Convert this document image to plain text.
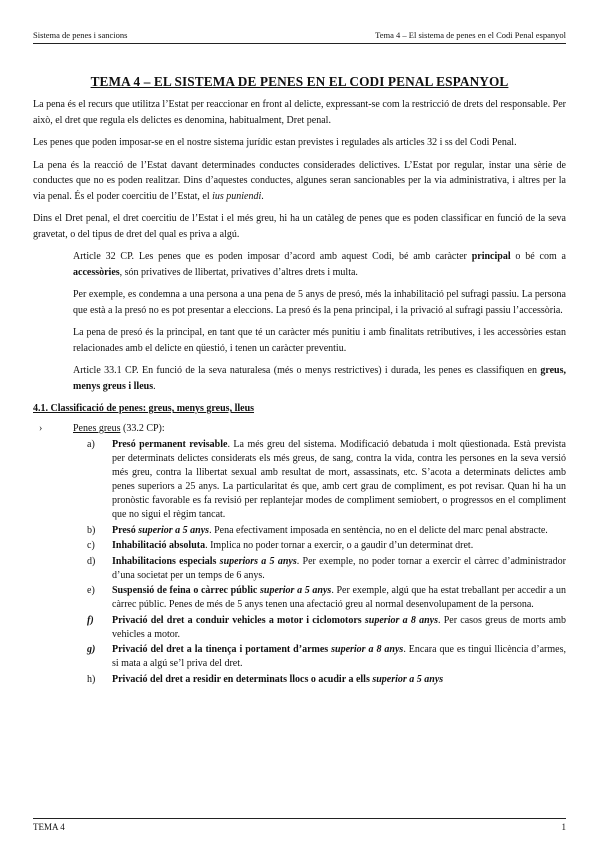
Sistema de penes i sancions	Tema 4 – El sistema de penes en el Codi Penal espanyol
TEMA 4 – EL SISTEMA DE PENES EN EL CODI PENAL ESPANYOL

La pena és el recurs que utilitza l’Estat per reaccionar en front al delicte, expressant-se com la restricció de drets del responsable. Per això, el dret que regula els delictes es denomina, habitualment, Dret penal.

Les penes que poden imposar-se en el nostre sistema jurídic estan previstes i regulades als articles 32 i ss del Codi Penal.

La pena és la reacció de l’Estat davant determinades conductes considerades delictives. L’Estat por regular, instar una sèrie de conductes que no es poden realitzar. Dins d’aquestes conductes, algunes seran sancionables per la via administrativa, i altres per la via penal. És el poder coercitiu de l’Estat, el ius puniendi.

Dins el Dret penal, el dret coercitiu de l’Estat i el més greu, hi ha un catàleg de penes que es poden classificar en funció de la seva gravetat, o del tipus de dret del qual es priva a algú.

Article 32 CP. Les penes que es poden imposar d’acord amb aquest Codi, bé amb caràcter principal o bé com a accessòries, són privatives de llibertat, privatives d’altres drets i multa.

Per exemple, es condemna a una persona a una pena de 5 anys de presó, més la inhabilitació pel sufragi passiu. La persona que està a la presó no es pot presentar a eleccions. La presó és la pena principal, i la privació al sufragi passiu l’accessòria.

La pena de presó és la principal, en tant que té un caràcter més punitiu i amb finalitats retributives, i les accessòries estan relacionades amb el delicte en qüestió, i tenen un caràcter preventiu.

Article 33.1 CP. En funció de la seva naturalesa (més o menys restrictives) i durada, les penes es classifiquen en greus, menys greus i lleus.

4.1. Classificació de penes: greus, menys greus, lleus
›	Penes greus (33.2 CP):
a) Presó permanent revisable. La més greu del sistema. Modificació debatuda i molt qüestionada. Està prevista per determinats delictes considerats els més greus, de sang, contra la vida, contra les persones en la seva versió més greu, contra la llibertat sexual amb resultat de mort, assassinats, etc. S’acota a determinats delictes amb penes superiors a 25 anys. La particularitat és que, amb cert grau de compliment, es pot revisar. Quan hi ha un pronòstic favorable es fa revisió per replantejar modes de compliment semiobert, o progressos en el compliment que no sigui el règim tancat.
b) Presó superior a 5 anys. Pena efectivament imposada en sentència, no en el delicte del marc penal abstracte.
c) Inhabilitació absoluta. Implica no poder tornar a exercir, o a gaudir d’un determinat dret.
d) Inhabilitacions especials superiors a 5 anys. Per exemple, no poder tornar a exercir el càrrec d’administrador d’una societat per un temps de 6 anys.
e) Suspensió de feina o càrrec públic superior a 5 anys. Per exemple, algú que ha estat treballant per accedir a un càrrec públic. Penes de més de 5 anys tenen una afectació greu al normal desenvolupament de la persona.
f) Privació del dret a conduir vehicles a motor i ciclomotors superior a 8 anys. Per casos greus de morts amb vehicles a motor.
g) Privació del dret a la tinença i portament d’armes superior a 8 anys. Encara que es tingui llicència d’armes, si mata a algú se’l priva del dret.
h) Privació del dret a residir en determinats llocs o acudir a ells superior a 5 anys
TEMA 4	1
